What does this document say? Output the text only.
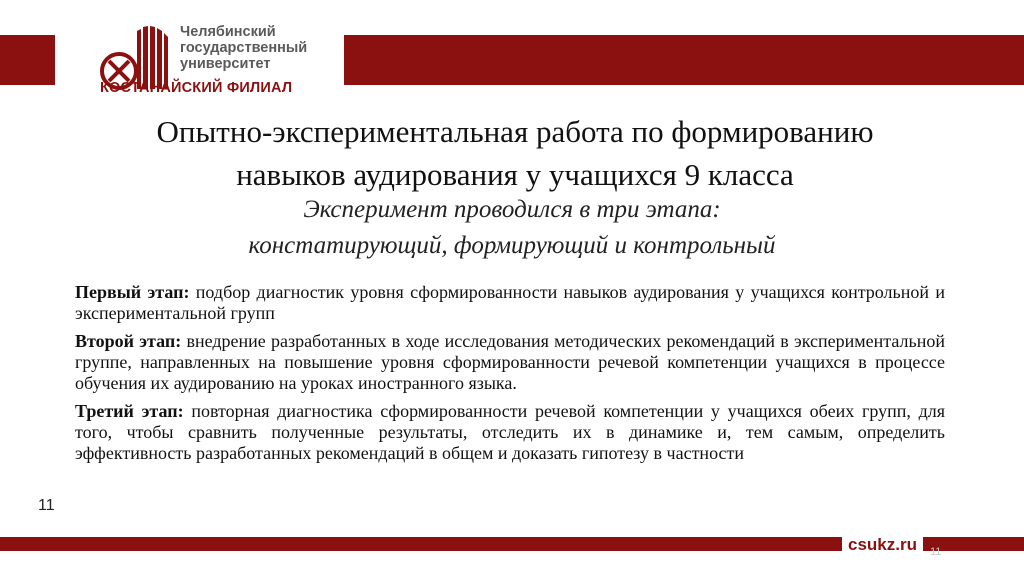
Челябинский
государственный
университет
КОСТАНАЙСКИЙ ФИЛИАЛ
Опытно-экспериментальная работа по формированию
навыков аудирования у учащихся 9 класса
Эксперимент проводился в три этапа:
констатирующий, формирующий и контрольный

Первый этап: подбор диагностик уровня сформированности навыков аудирования у учащихся контрольной и экспериментальной групп

Второй этап: внедрение разработанных в ходе исследования методических рекомендаций в экспериментальной группе, направленных на повышение уровня сформированности речевой компетенции учащихся в процессе обучения их аудированию на уроках иностранного языка.

Третий этап: повторная диагностика сформированности речевой компетенции у учащихся обеих групп, для того, чтобы сравнить полученные результаты, отследить их в динамике и, тем самым, определить эффективность разработанных рекомендаций в общем и доказать гипотезу в частности

11
csukz.ru	11
